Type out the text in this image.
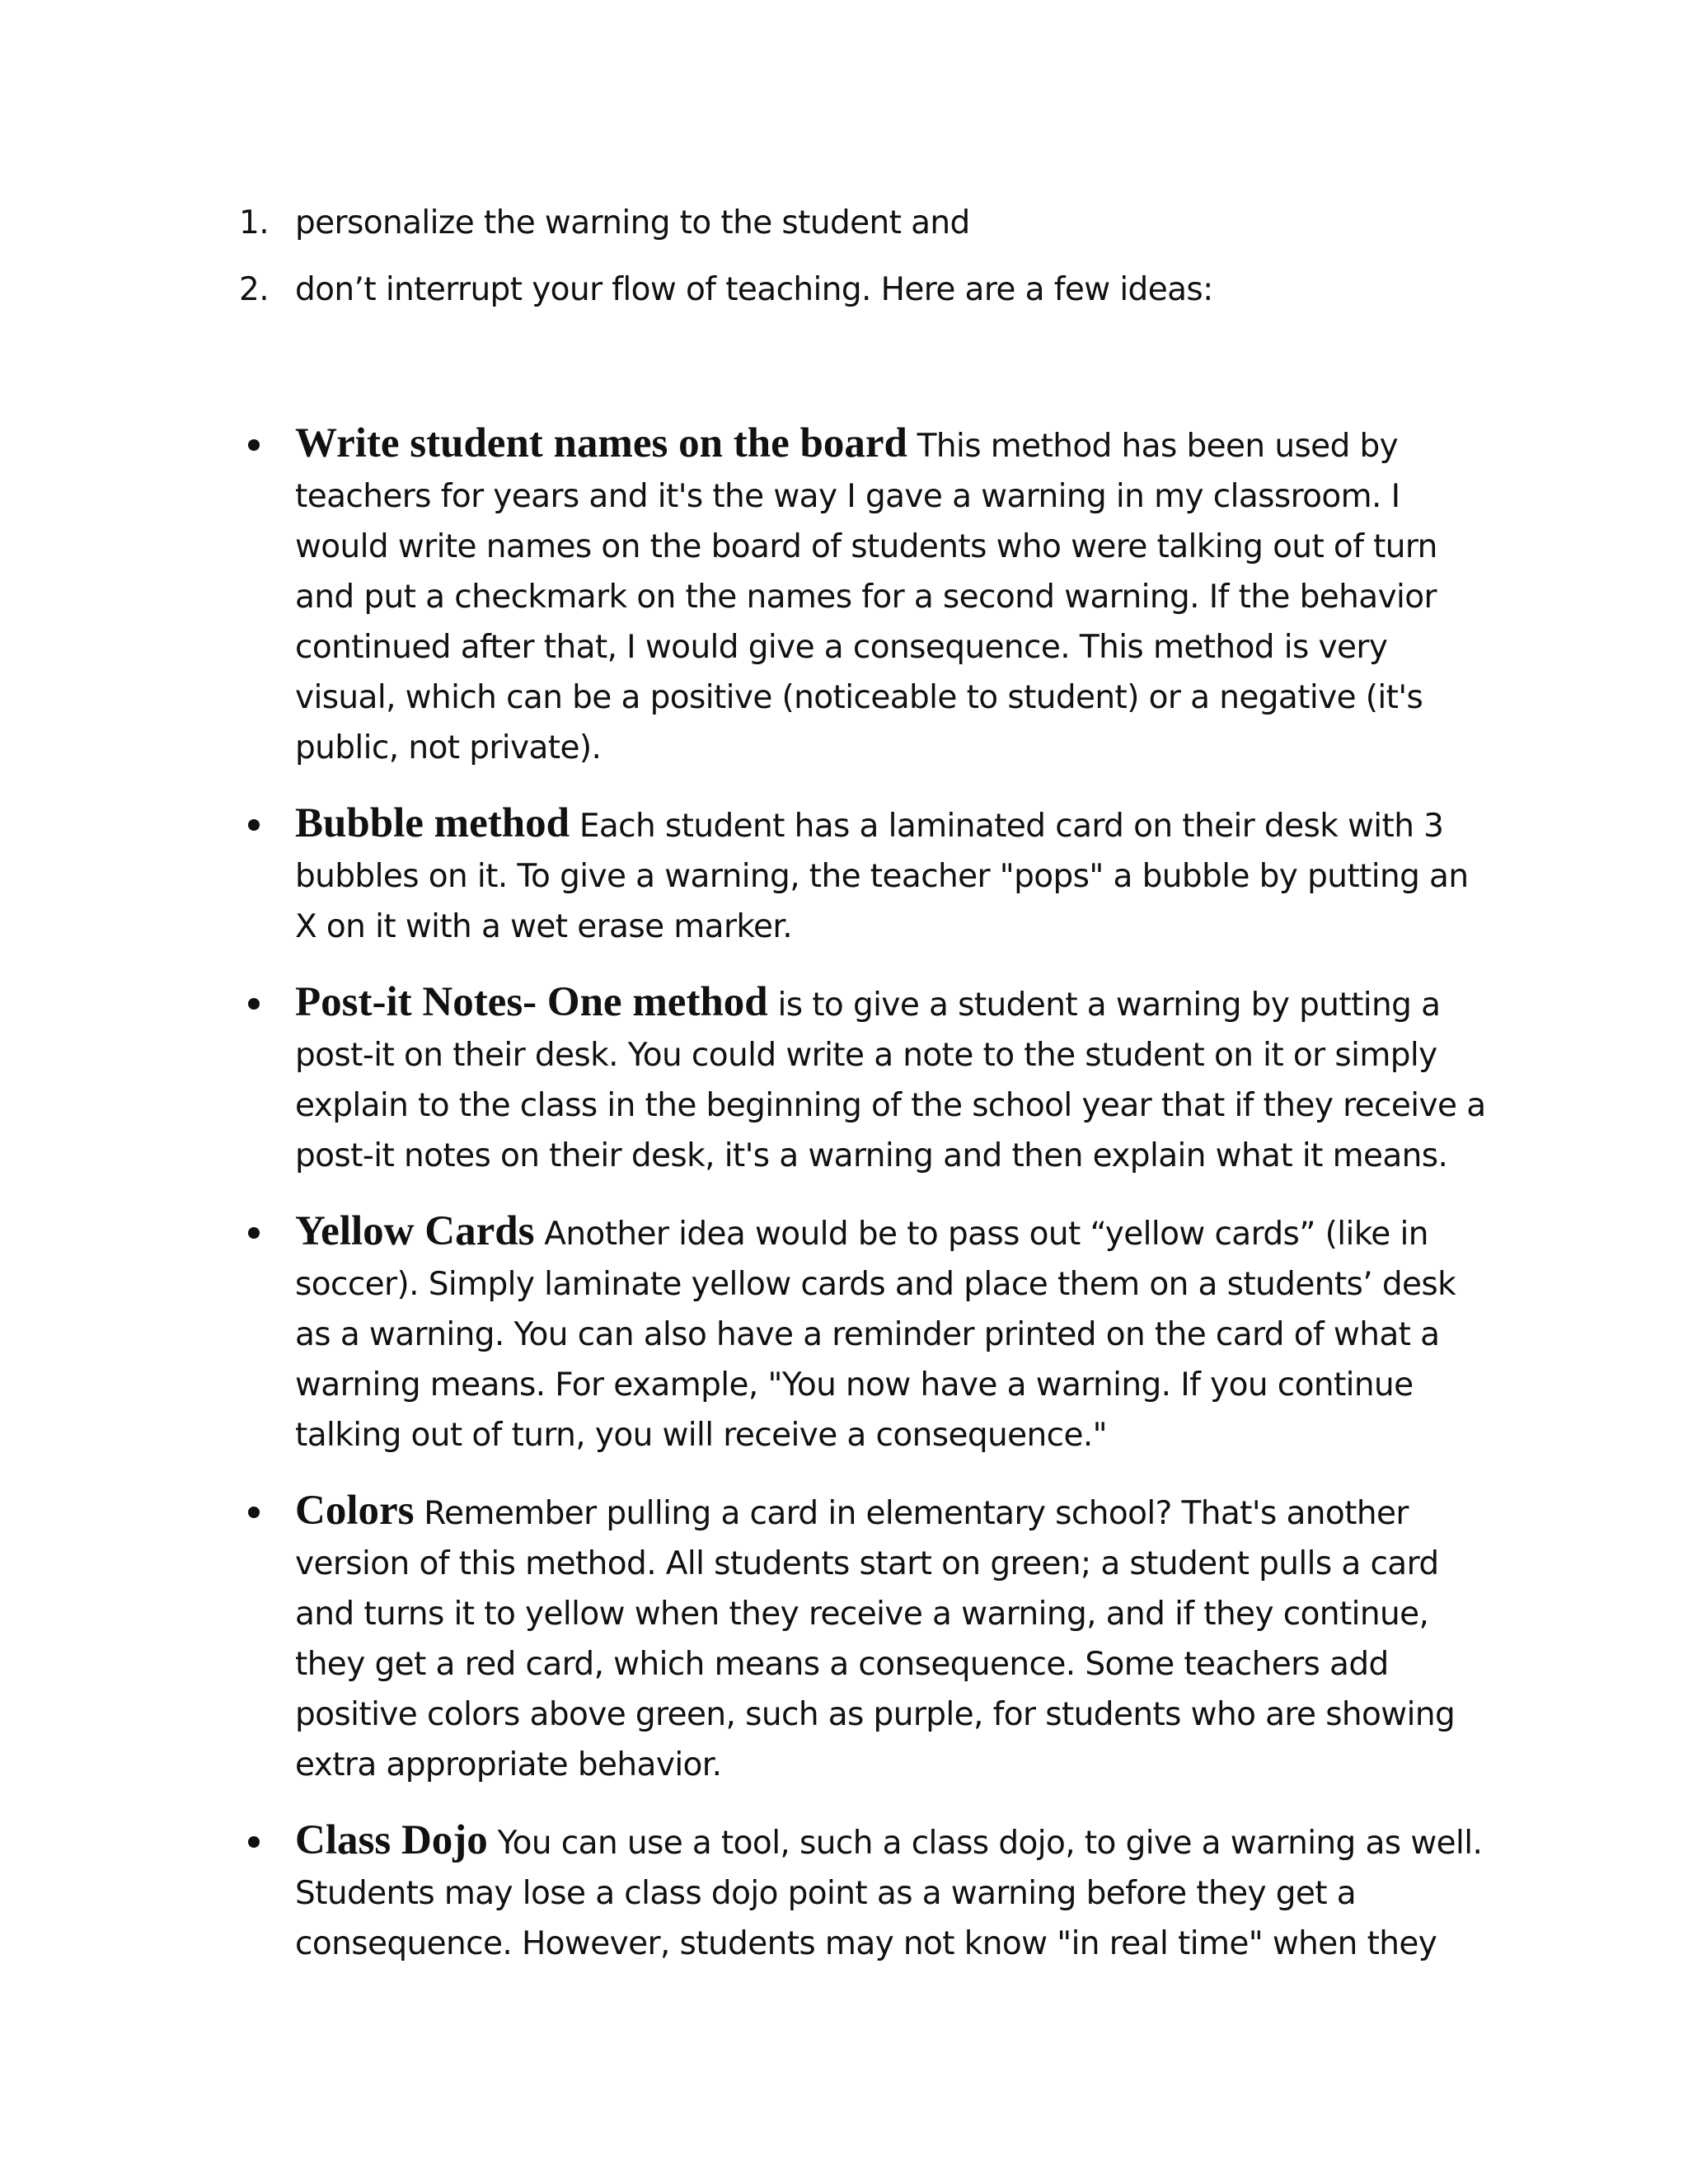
1. personalize the warning to the student and
2. don’t interrupt your flow of teaching. Here are a few ideas:
Write student names on the board This method has been used by teachers for years and it's the way I gave a warning in my classroom. I would write names on the board of students who were talking out of turn and put a checkmark on the names for a second warning. If the behavior continued after that, I would give a consequence. This method is very visual, which can be a positive (noticeable to student) or a negative (it's public, not private).
Bubble method Each student has a laminated card on their desk with 3 bubbles on it. To give a warning, the teacher "pops" a bubble by putting an X on it with a wet erase marker.
Post-it Notes- One method is to give a student a warning by putting a post-it on their desk. You could write a note to the student on it or simply explain to the class in the beginning of the school year that if they receive a post-it notes on their desk, it's a warning and then explain what it means.
Yellow Cards Another idea would be to pass out “yellow cards” (like in soccer). Simply laminate yellow cards and place them on a students’ desk as a warning. You can also have a reminder printed on the card of what a warning means. For example, "You now have a warning. If you continue talking out of turn, you will receive a consequence."
Colors Remember pulling a card in elementary school? That's another version of this method. All students start on green; a student pulls a card and turns it to yellow when they receive a warning, and if they continue, they get a red card, which means a consequence. Some teachers add positive colors above green, such as purple, for students who are showing extra appropriate behavior.
Class Dojo You can use a tool, such a class dojo, to give a warning as well. Students may lose a class dojo point as a warning before they get a consequence. However, students may not know "in real time" when they
